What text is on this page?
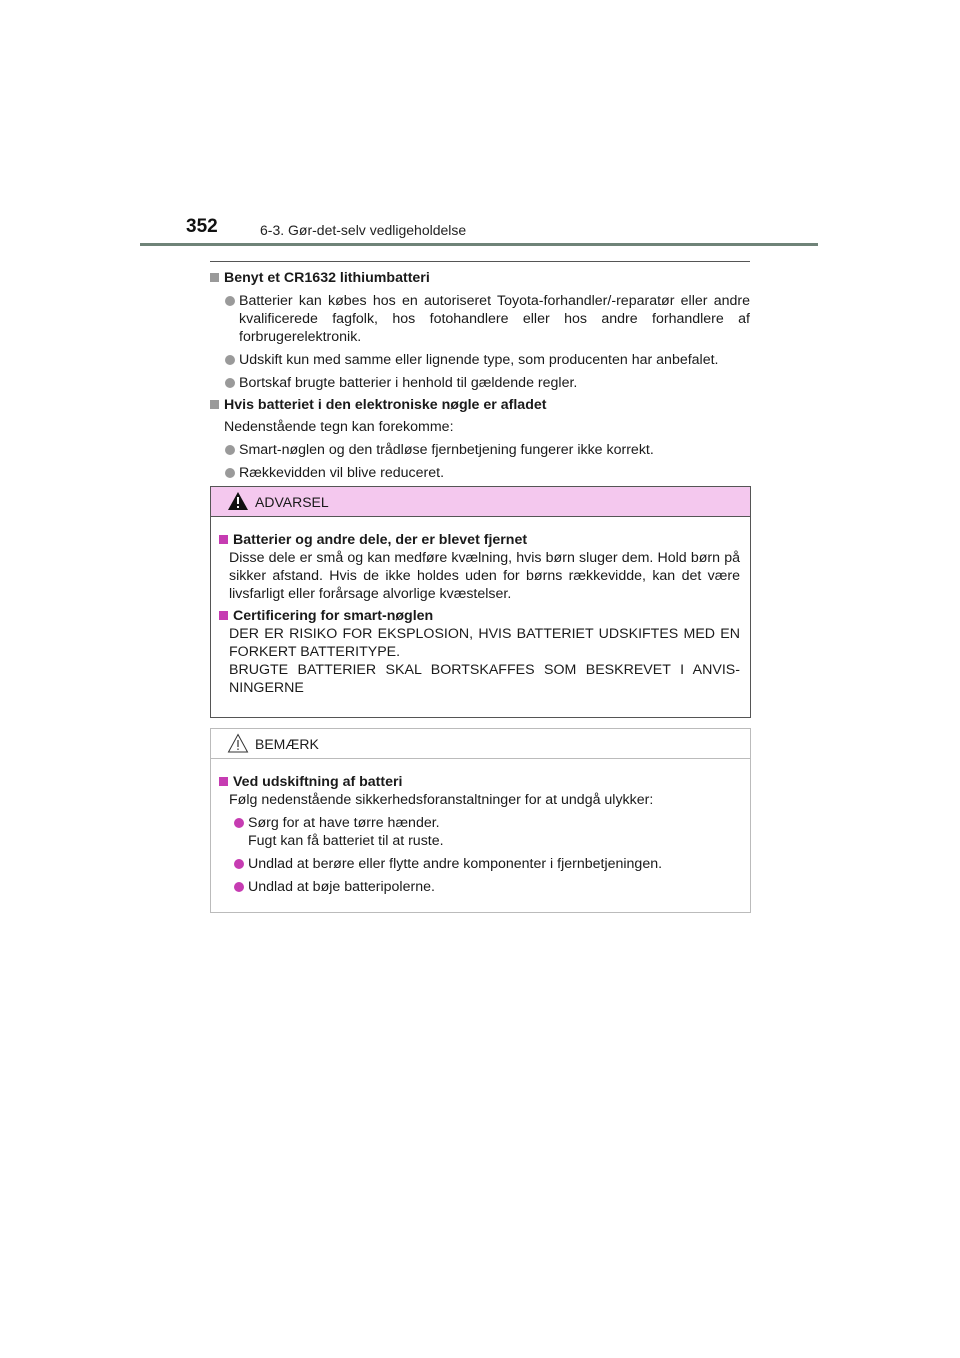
352	6-3. Gør-det-selv vedligeholdelse
Benyt et CR1632 lithiumbatteri
Batterier kan købes hos en autoriseret Toyota-forhandler/-reparatør eller andre kvalificerede fagfolk, hos fotohandlere eller hos andre forhandlere af forbrugerelektronik.
Udskift kun med samme eller lignende type, som producenten har anbefalet.
Bortskaf brugte batterier i henhold til gældende regler.
Hvis batteriet i den elektroniske nøgle er afladet
Nedenstående tegn kan forekomme:
Smart-nøglen og den trådløse fjernbetjening fungerer ikke korrekt.
Rækkevidden vil blive reduceret.
ADVARSEL
Batterier og andre dele, der er blevet fjernet
Disse dele er små og kan medføre kvælning, hvis børn sluger dem. Hold børn på sikker afstand. Hvis de ikke holdes uden for børns rækkevidde, kan det være livsfarligt eller forårsage alvorlige kvæstelser.
Certificering for smart-nøglen
DER ER RISIKO FOR EKSPLOSION, HVIS BATTERIET UDSKIFTES MED EN FORKERT BATTERITYPE.
BRUGTE BATTERIER SKAL BORTSKAFFES SOM BESKREVET I ANVIS-NINGERNE
BEMÆRK
Ved udskiftning af batteri
Følg nedenstående sikkerhedsforanstaltninger for at undgå ulykker:
Sørg for at have tørre hænder.
Fugt kan få batteriet til at ruste.
Undlad at berøre eller flytte andre komponenter i fjernbetjeningen.
Undlad at bøje batteripolerne.
